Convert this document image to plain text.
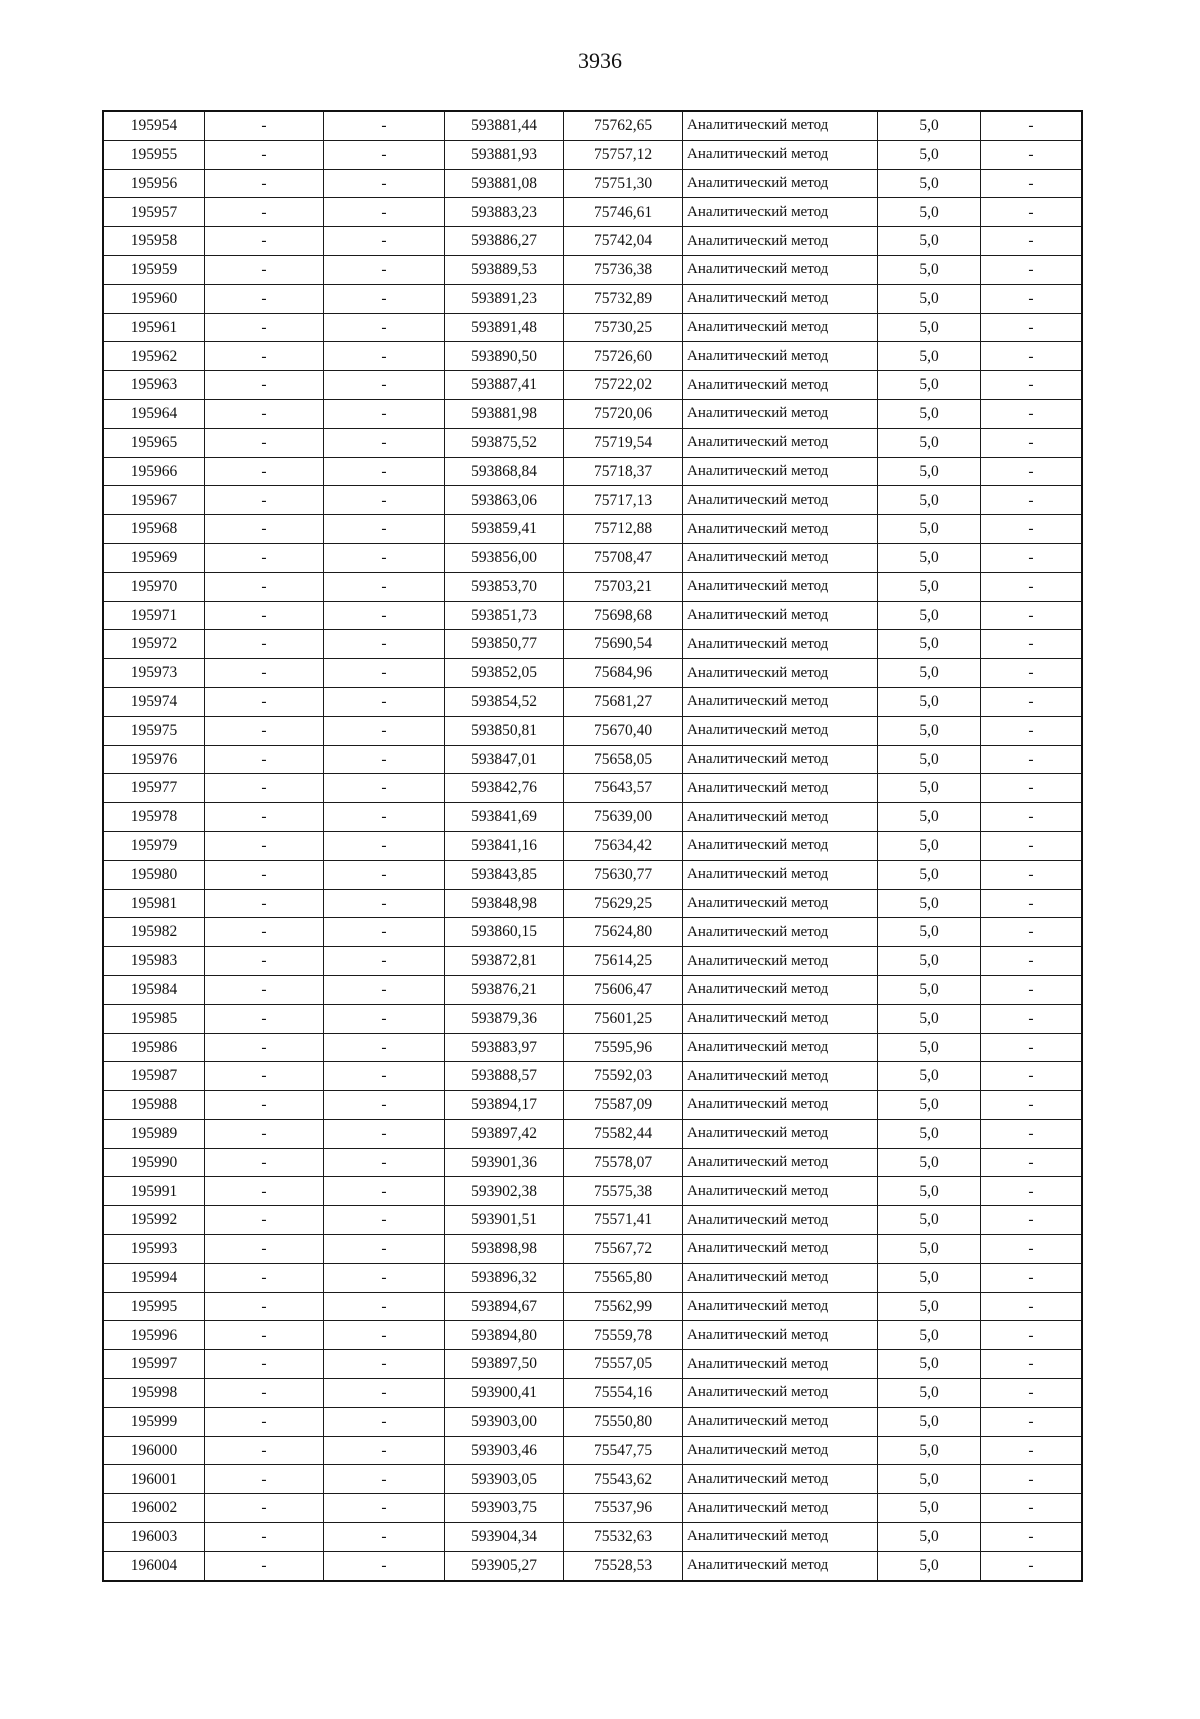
3936
195954	-	-	593881,44	75762,65	Аналитический метод	5,0	-
195955	-	-	593881,93	75757,12	Аналитический метод	5,0	-
195956	-	-	593881,08	75751,30	Аналитический метод	5,0	-
195957	-	-	593883,23	75746,61	Аналитический метод	5,0	-
195958	-	-	593886,27	75742,04	Аналитический метод	5,0	-
195959	-	-	593889,53	75736,38	Аналитический метод	5,0	-
195960	-	-	593891,23	75732,89	Аналитический метод	5,0	-
195961	-	-	593891,48	75730,25	Аналитический метод	5,0	-
195962	-	-	593890,50	75726,60	Аналитический метод	5,0	-
195963	-	-	593887,41	75722,02	Аналитический метод	5,0	-
195964	-	-	593881,98	75720,06	Аналитический метод	5,0	-
195965	-	-	593875,52	75719,54	Аналитический метод	5,0	-
195966	-	-	593868,84	75718,37	Аналитический метод	5,0	-
195967	-	-	593863,06	75717,13	Аналитический метод	5,0	-
195968	-	-	593859,41	75712,88	Аналитический метод	5,0	-
195969	-	-	593856,00	75708,47	Аналитический метод	5,0	-
195970	-	-	593853,70	75703,21	Аналитический метод	5,0	-
195971	-	-	593851,73	75698,68	Аналитический метод	5,0	-
195972	-	-	593850,77	75690,54	Аналитический метод	5,0	-
195973	-	-	593852,05	75684,96	Аналитический метод	5,0	-
195974	-	-	593854,52	75681,27	Аналитический метод	5,0	-
195975	-	-	593850,81	75670,40	Аналитический метод	5,0	-
195976	-	-	593847,01	75658,05	Аналитический метод	5,0	-
195977	-	-	593842,76	75643,57	Аналитический метод	5,0	-
195978	-	-	593841,69	75639,00	Аналитический метод	5,0	-
195979	-	-	593841,16	75634,42	Аналитический метод	5,0	-
195980	-	-	593843,85	75630,77	Аналитический метод	5,0	-
195981	-	-	593848,98	75629,25	Аналитический метод	5,0	-
195982	-	-	593860,15	75624,80	Аналитический метод	5,0	-
195983	-	-	593872,81	75614,25	Аналитический метод	5,0	-
195984	-	-	593876,21	75606,47	Аналитический метод	5,0	-
195985	-	-	593879,36	75601,25	Аналитический метод	5,0	-
195986	-	-	593883,97	75595,96	Аналитический метод	5,0	-
195987	-	-	593888,57	75592,03	Аналитический метод	5,0	-
195988	-	-	593894,17	75587,09	Аналитический метод	5,0	-
195989	-	-	593897,42	75582,44	Аналитический метод	5,0	-
195990	-	-	593901,36	75578,07	Аналитический метод	5,0	-
195991	-	-	593902,38	75575,38	Аналитический метод	5,0	-
195992	-	-	593901,51	75571,41	Аналитический метод	5,0	-
195993	-	-	593898,98	75567,72	Аналитический метод	5,0	-
195994	-	-	593896,32	75565,80	Аналитический метод	5,0	-
195995	-	-	593894,67	75562,99	Аналитический метод	5,0	-
195996	-	-	593894,80	75559,78	Аналитический метод	5,0	-
195997	-	-	593897,50	75557,05	Аналитический метод	5,0	-
195998	-	-	593900,41	75554,16	Аналитический метод	5,0	-
195999	-	-	593903,00	75550,80	Аналитический метод	5,0	-
196000	-	-	593903,46	75547,75	Аналитический метод	5,0	-
196001	-	-	593903,05	75543,62	Аналитический метод	5,0	-
196002	-	-	593903,75	75537,96	Аналитический метод	5,0	-
196003	-	-	593904,34	75532,63	Аналитический метод	5,0	-
196004	-	-	593905,27	75528,53	Аналитический метод	5,0	-
